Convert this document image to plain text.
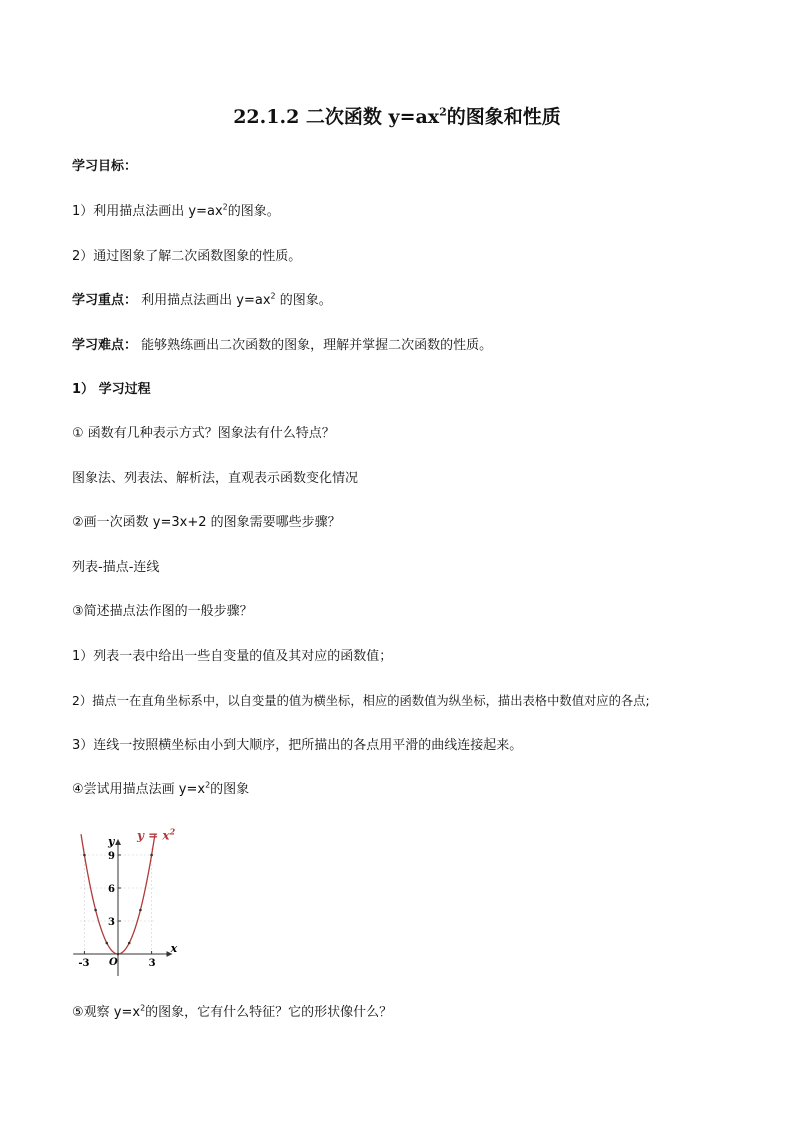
22.1.2 二次函数 $y=ax^2$的图象和性质
学习目标：
1）利用描点法画出 $y=ax^2$的图象。
2）通过图象了解二次函数图象的性质。
学习重点： 利用描点法画出 $y=ax^2$ 的图象。
学习难点： 能够熟练画出二次函数的图象，理解并掌握二次函数的性质。
1） 学习过程
① 函数有几种表示方式？图象法有什么特点？
图象法、列表法、解析法，直观表示函数变化情况
②画一次函数 y=3x+2 的图象需要哪些步骤？
列表-描点-连线
③简述描点法作图的一般步骤？
1）列表一表中给出一些自变量的值及其对应的函数值；
2）描点一在直角坐标系中，以自变量的值为横坐标，相应的函数值为纵坐标，描出表格中数值对应的各点;
3）连线一按照横坐标由小到大顺序，把所描出的各点用平滑的曲线连接起来。
④尝试用描点法画 $y=x^2$的图象
-3	3
3
6
9
x
y
O
$y = x^2$
⑤观察 $y=x^2$的图象，它有什么特征？它的形状像什么？
